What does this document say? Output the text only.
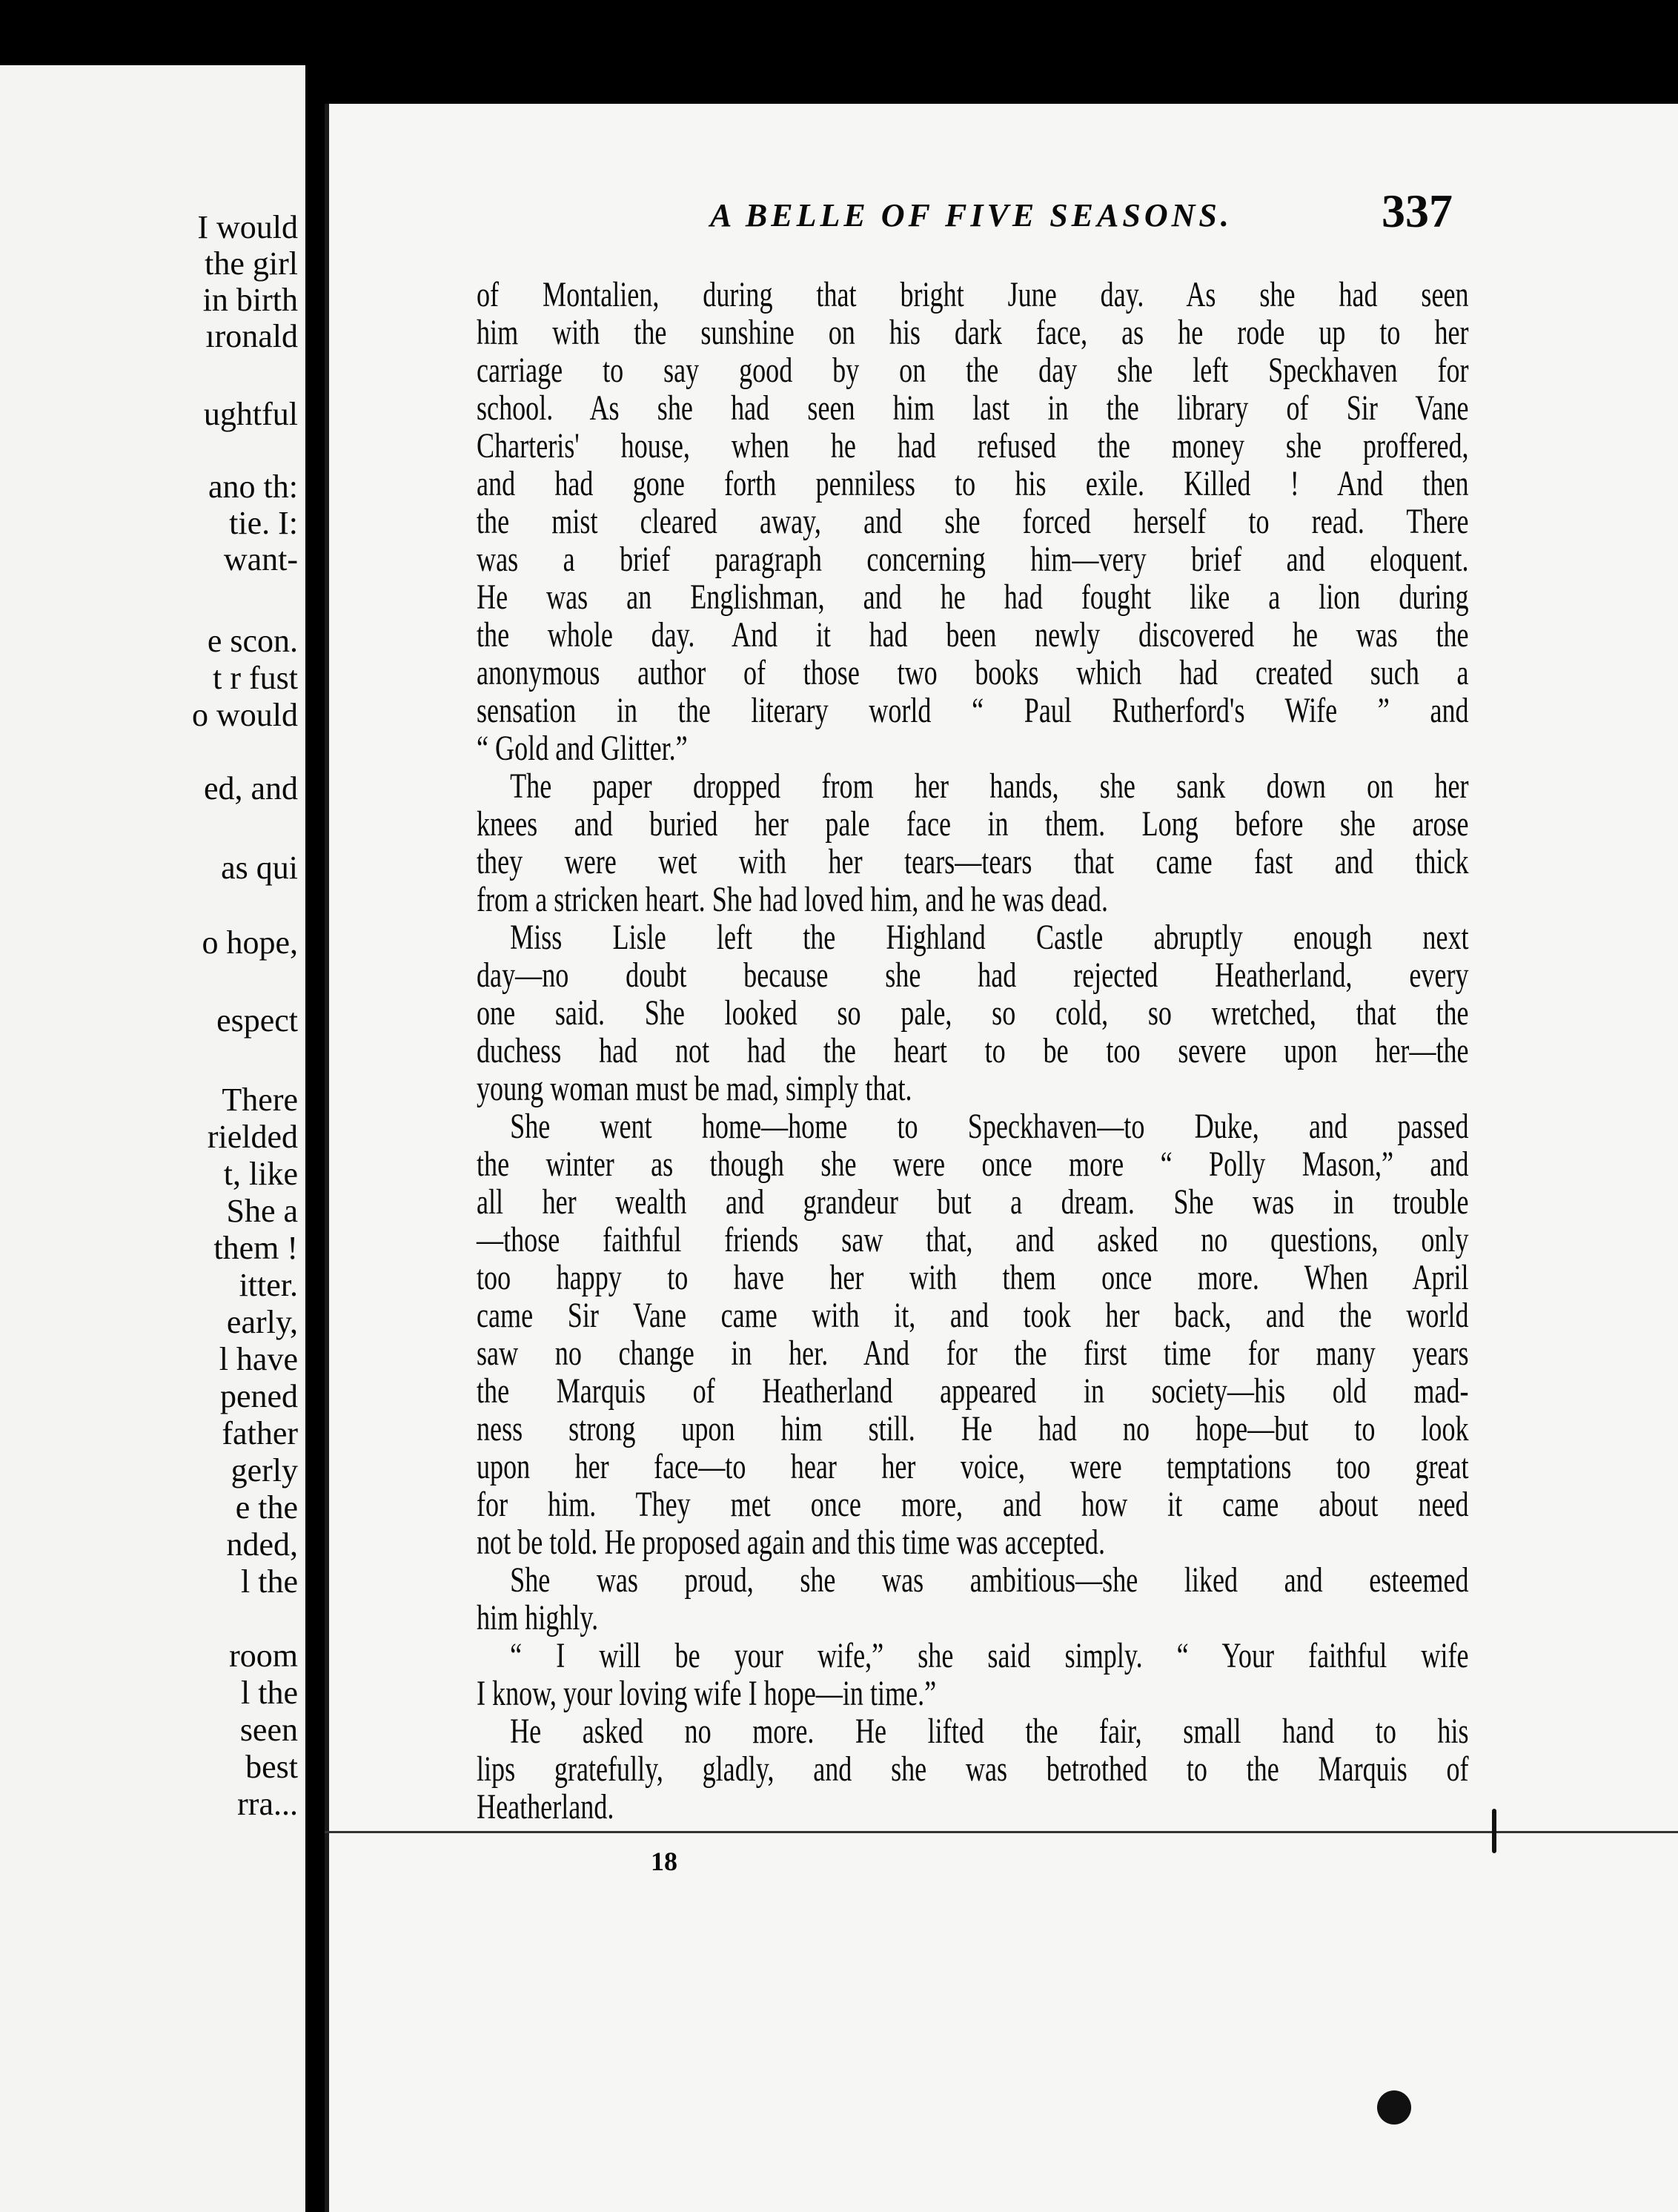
I would
the girl
in birth
ıronald
ughtful
ano th:
tie. I:
want-
e scon.
t r fust
o would
ed, and
as qui
o hope,
espect
There
rielded
t, like
She a
them !
itter.
early,
l have
pened
father
gerly
e the
nded,
l the
room
l the
seen
best
rra...
A BELLE OF FIVE SEASONS.	337
of Montalien, during that bright June day. As she had seen
him with the sunshine on his dark face, as he rode up to her
carriage to say good by on the day she left Speckhaven for
school. As she had seen him last in the library of Sir Vane
Charteris' house, when he had refused the money she proffered,
and had gone forth penniless to his exile. Killed ! And then
the mist cleared away, and she forced herself to read. There
was a brief paragraph concerning him—very brief and eloquent.
He was an Englishman, and he had fought like a lion during
the whole day. And it had been newly discovered he was the
anonymous author of those two books which had created such a
sensation in the literary world “ Paul Rutherford's Wife ” and
“ Gold and Glitter.”
The paper dropped from her hands, she sank down on her
knees and buried her pale face in them. Long before she arose
they were wet with her tears—tears that came fast and thick
from a stricken heart. She had loved him, and he was dead.
Miss Lisle left the Highland Castle abruptly enough next
day—no doubt because she had rejected Heatherland, every
one said. She looked so pale, so cold, so wretched, that the
duchess had not had the heart to be too severe upon her—the
young woman must be mad, simply that.
She went home—home to Speckhaven—to Duke, and passed
the winter as though she were once more “ Polly Mason,” and
all her wealth and grandeur but a dream. She was in trouble
—those faithful friends saw that, and asked no questions, only
too happy to have her with them once more. When April
came Sir Vane came with it, and took her back, and the world
saw no change in her. And for the first time for many years
the Marquis of Heatherland appeared in society—his old mad-
ness strong upon him still. He had no hope—but to look
upon her face—to hear her voice, were temptations too great
for him. They met once more, and how it came about need
not be told. He proposed again and this time was accepted.
She was proud, she was ambitious—she liked and esteemed
him highly.
“ I will be your wife,” she said simply. “ Your faithful wife
I know, your loving wife I hope—in time.”
He asked no more. He lifted the fair, small hand to his
lips gratefully, gladly, and she was betrothed to the Marquis of
Heatherland.
18
